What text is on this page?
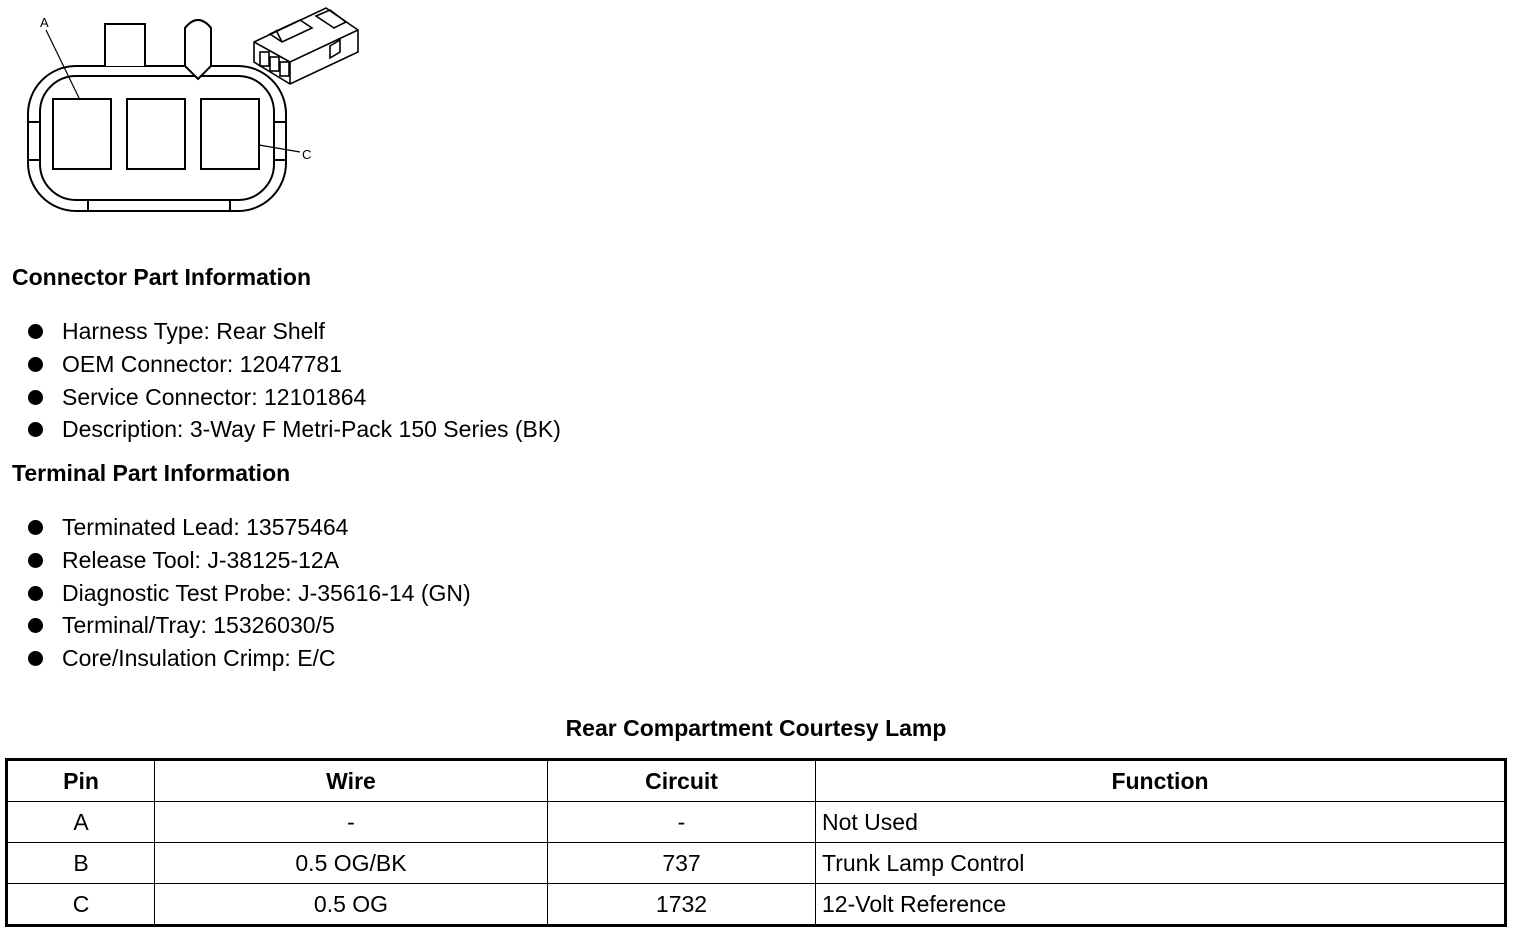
A
C
Connector Part Information
Harness Type: Rear Shelf
OEM Connector: 12047781
Service Connector: 12101864
Description: 3-Way F Metri-Pack 150 Series (BK)
Terminal Part Information
Terminated Lead: 13575464
Release Tool: J-38125-12A
Diagnostic Test Probe: J-35616-14 (GN)
Terminal/Tray: 15326030/5
Core/Insulation Crimp: E/C
Rear Compartment Courtesy Lamp
Pin	Wire	Circuit	Function
A	-	-	Not Used
B	0.5 OG/BK	737	Trunk Lamp Control
C	0.5 OG	1732	12-Volt Reference
